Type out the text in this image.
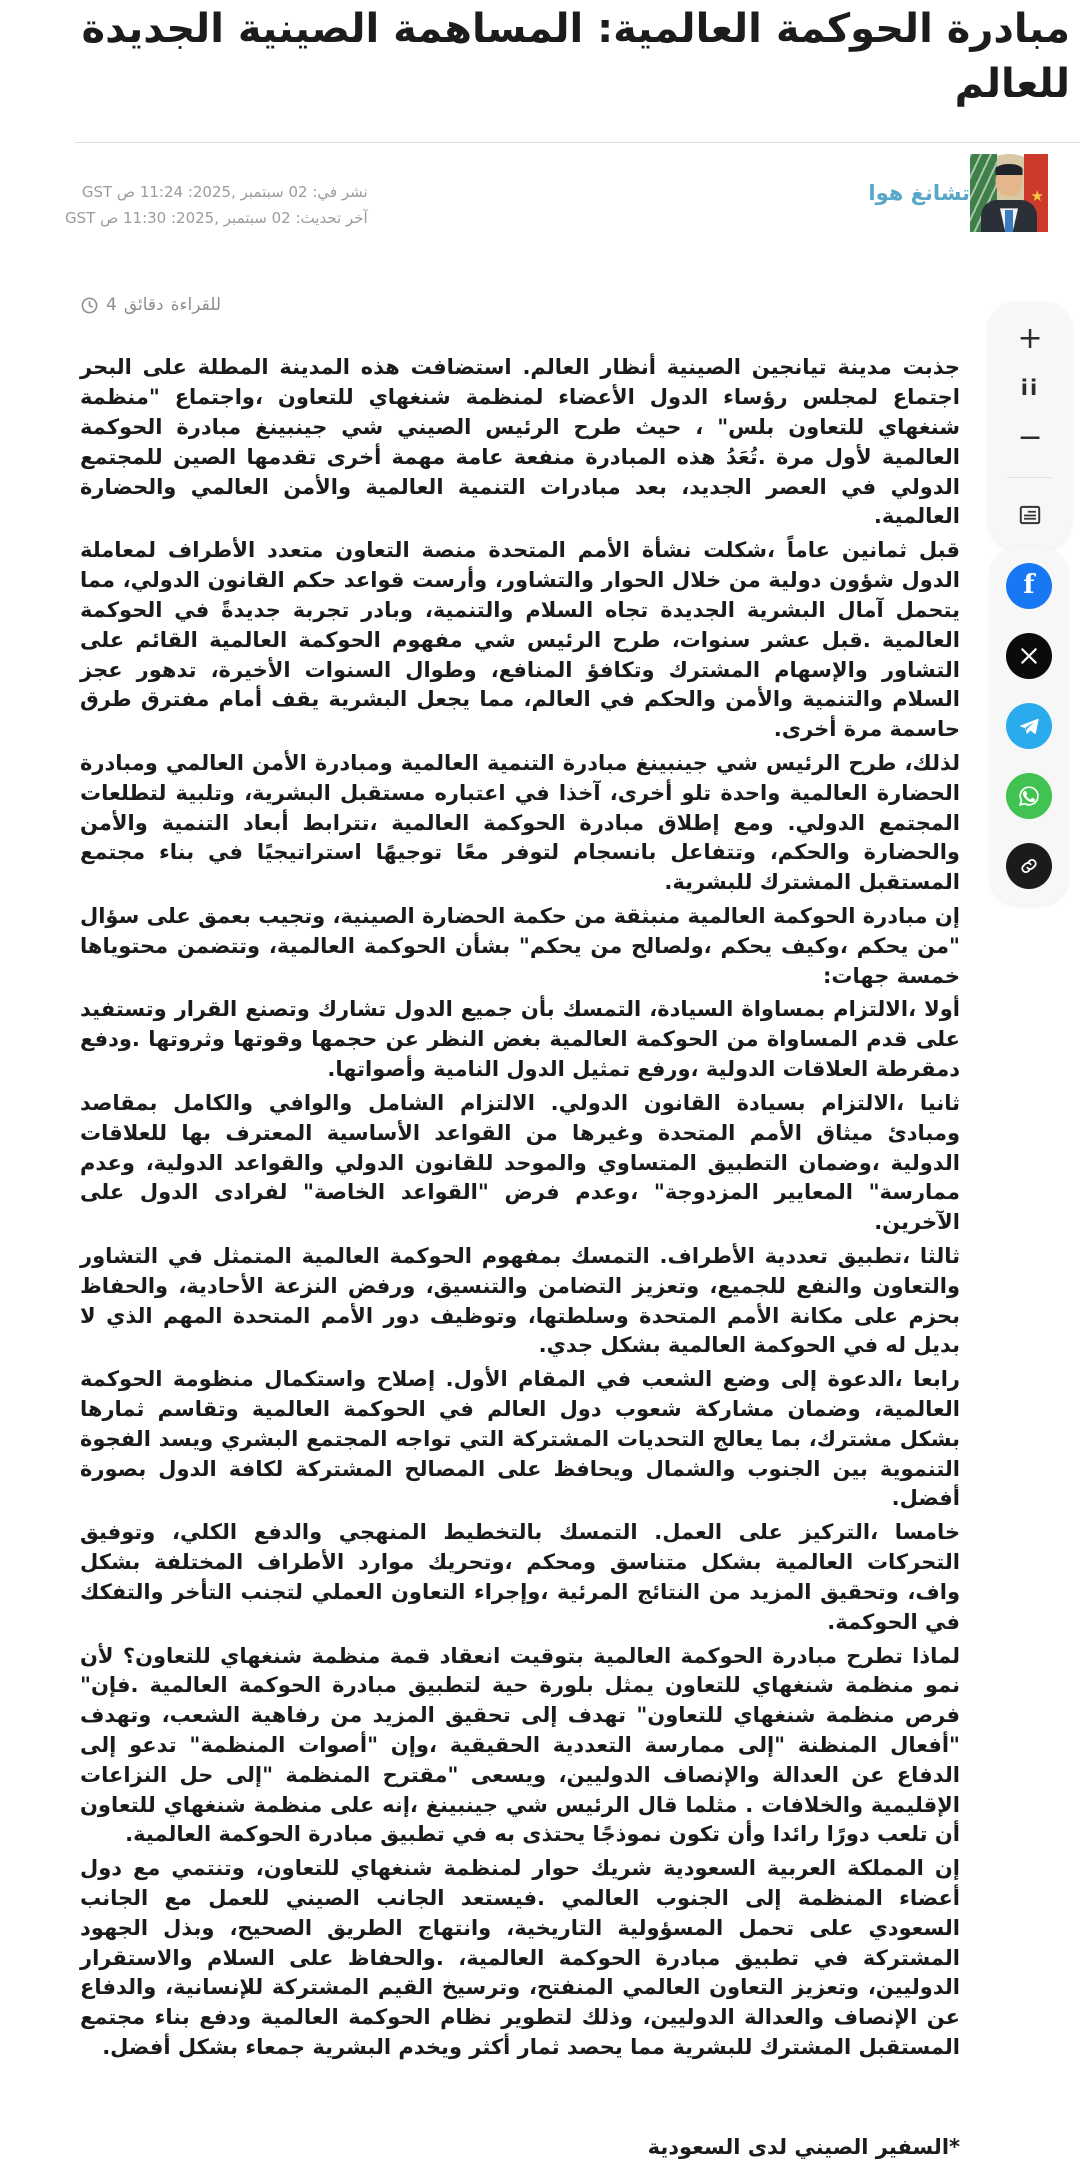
مبادرة الحوكمة العالمية: المساهمة الصينية الجديدة
للعالم
★
تشانغ هوا
نشر في: 02 سبتمبر ,2025: 11:24 ص GST
آخر تحديث: 02 سبتمبر ,2025: 11:30 ص GST
4 دقائق للقراءة

جذبت مدينة تيانجين الصينية أنظار العالم. استضافت هذه المدينة المطلة على البحر اجتماع لمجلس رؤساء الدول الأعضاء لمنظمة شنغهاي للتعاون ،واجتماع "منظمة شنغهاي للتعاون بلس" ، حيث طرح الرئيس الصيني شي جينبينغ مبادرة الحوكمة العالمية لأول مرة .تُعَدُ هذه المبادرة منفعة عامة مهمة أخرى تقدمها الصين للمجتمع الدولي في العصر الجديد، بعد مبادرات التنمية العالمية والأمن العالمي والحضارة العالمية.

قبل ثمانين عاماً ،شكلت نشأة الأمم المتحدة منصة التعاون متعدد الأطراف لمعاملة الدول شؤون دولية من خلال الحوار والتشاور، وأرست قواعد حكم القانون الدولي، مما يتحمل آمال البشرية الجديدة تجاه السلام والتنمية، وبادر تجربة جديدةً في الحوكمة العالمية .قبل عشر سنوات، طرح الرئيس شي مفهوم الحوكمة العالمية القائم على التشاور والإسهام المشترك وتكافؤ المنافع، وطوال السنوات الأخيرة، تدهور عجز السلام والتنمية والأمن والحكم في العالم، مما يجعل البشرية يقف أمام مفترق طرق حاسمة مرة أخرى.

لذلك، طرح الرئيس شي جينبينغ مبادرة التنمية العالمية ومبادرة الأمن العالمي ومبادرة الحضارة العالمية واحدة تلو أخرى، آخذا في اعتباره مستقبل البشرية، وتلبية لتطلعات المجتمع الدولي. ومع إطلاق مبادرة الحوكمة العالمية ،تترابط أبعاد التنمية والأمن والحضارة والحكم، وتتفاعل بانسجام لتوفر معًا توجيهًا استراتيجيًا في بناء مجتمع المستقبل المشترك للبشرية.

إن مبادرة الحوكمة العالمية منبثقة من حكمة الحضارة الصينية، وتجيب بعمق على سؤال "من يحكم ،وكيف يحكم ،ولصالح من يحكم" بشأن الحوكمة العالمية، وتتضمن محتوياها خمسة جهات:

أولا ،الالتزام بمساواة السيادة، التمسك بأن جميع الدول تشارك وتصنع القرار وتستفيد على قدم المساواة من الحوكمة العالمية بغض النظر عن حجمها وقوتها وثروتها .ودفع دمقرطة العلاقات الدولية ،ورفع تمثيل الدول النامية وأصواتها.

ثانيا ،الالتزام بسيادة القانون الدولي. الالتزام الشامل والوافي والكامل بمقاصد ومبادئ ميثاق الأمم المتحدة وغيرها من القواعد الأساسية المعترف بها للعلاقات الدولية ،وضمان التطبيق المتساوي والموحد للقانون الدولي والقواعد الدولية، وعدم ممارسة" المعايير المزدوجة" ،وعدم فرض "القواعد الخاصة" لفرادى الدول على الآخرين.

ثالثا ،تطبيق تعددية الأطراف. التمسك بمفهوم الحوكمة العالمية المتمثل في التشاور والتعاون والنفع للجميع، وتعزيز التضامن والتنسيق، ورفض النزعة الأحادية، والحفاظ بحزم على مكانة الأمم المتحدة وسلطتها، وتوظيف دور الأمم المتحدة المهم الذي لا بديل له في الحوكمة العالمية بشكل جدي.

رابعا ،الدعوة إلى وضع الشعب في المقام الأول. إصلاح واستكمال منظومة الحوكمة العالمية، وضمان مشاركة شعوب دول العالم في الحوكمة العالمية وتقاسم ثمارها بشكل مشترك، بما يعالج التحديات المشتركة التي تواجه المجتمع البشري ويسد الفجوة التنموية بين الجنوب والشمال ويحافظ على المصالح المشتركة لكافة الدول بصورة أفضل.

خامسا ،التركيز على العمل. التمسك بالتخطيط المنهجي والدفع الكلي، وتوفيق التحركات العالمية بشكل متناسق ومحكم ،وتحريك موارد الأطراف المختلفة بشكل واف، وتحقيق المزيد من النتائج المرئية ،وإجراء التعاون العملي لتجنب التأخر والتفكك في الحوكمة.

لماذا تطرح مبادرة الحوكمة العالمية بتوقيت انعقاد قمة منظمة شنغهاي للتعاون؟ لأن نمو منظمة شنغهاي للتعاون يمثل بلورة حية لتطبيق مبادرة الحوكمة العالمية .فإن" فرص منظمة شنغهاي للتعاون" تهدف إلى تحقيق المزيد من رفاهية الشعب، وتهدف "أفعال المنظنة "إلى ممارسة التعددية الحقيقية ،وإن "أصوات المنظمة" تدعو إلى الدفاع عن العدالة والإنصاف الدوليين، ويسعى "مقترح المنظمة "إلى حل النزاعات الإقليمية والخلافات . مثلما قال الرئيس شي جينبينغ ،إنه على منظمة شنغهاي للتعاون أن تلعب دورًا رائدا وأن تكون نموذجًا يحتذى به في تطبيق مبادرة الحوكمة العالمية.

إن المملكة العربية السعودية شريك حوار لمنظمة شنغهاي للتعاون، وتنتمي مع دول أعضاء المنظمة إلى الجنوب العالمي .فيستعد الجانب الصيني للعمل مع الجانب السعودي على تحمل المسؤولية التاريخية، وانتهاج الطريق الصحيح، وبذل الجهود المشتركة في تطبيق مبادرة الحوكمة العالمية، .والحفاظ على السلام والاستقرار الدوليين، وتعزيز التعاون العالمي المنفتح، وترسيخ القيم المشتركة للإنسانية، والدفاع عن الإنصاف والعدالة الدوليين، وذلك لتطوير نظام الحوكمة العالمية ودفع بناء مجتمع المستقبل المشترك للبشرية مما يحصد ثمار أكثر ويخدم البشرية جمعاء بشكل أفضل.

*السفير الصيني لدى السعودية
+
ii
−
f
